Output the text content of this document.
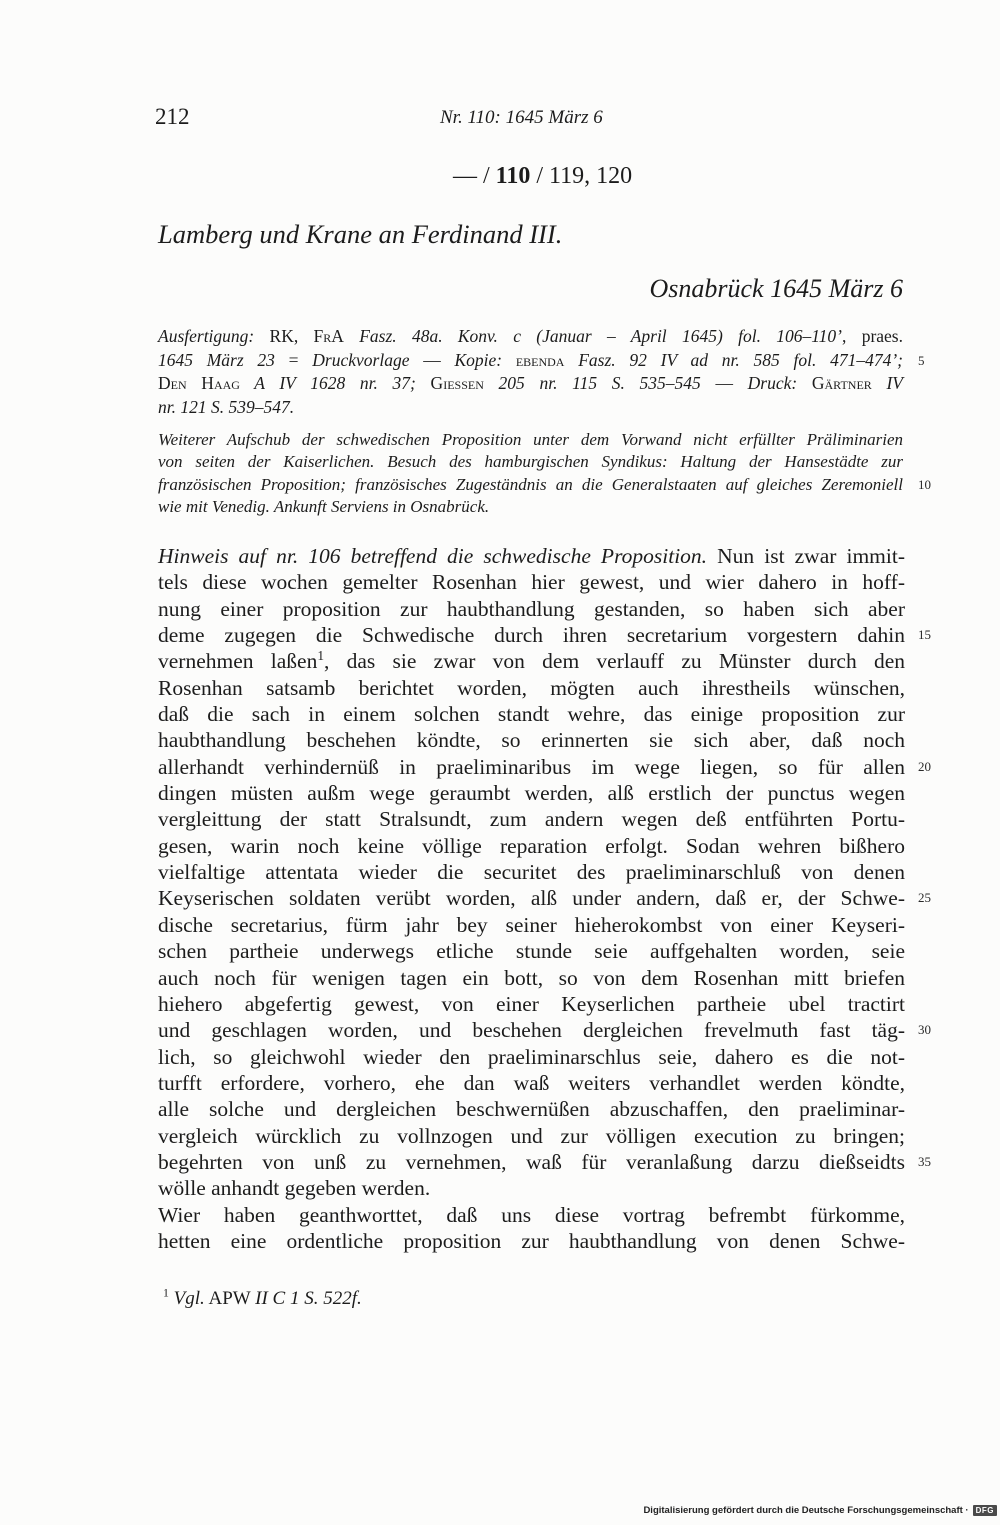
212	Nr. 110: 1645 März 6
— / 110 / 119, 120
Lamberg und Krane an Ferdinand III.
Osnabrück 1645 März 6
Ausfertigung: RK, FrA Fasz. 48a. Konv. c (Januar – April 1645) fol. 106–110’, praes.
1645 März 23 = Druckvorlage — Kopie: ebenda Fasz. 92 IV ad nr. 585 fol. 471–474’;
Den Haag A IV 1628 nr. 37; Giessen 205 nr. 115 S. 535–545 — Druck: Gärtner IV
nr. 121 S. 539–547.
5
Weiterer Aufschub der schwedischen Proposition unter dem Vorwand nicht erfüllter Präliminarien
von seiten der Kaiserlichen. Besuch des hamburgischen Syndikus: Haltung der Hansestädte zur
französischen Proposition; französisches Zugeständnis an die Generalstaaten auf gleiches Zeremoniell
wie mit Venedig. Ankunft Serviens in Osnabrück.
10
Hinweis auf nr. 106 betreffend die schwedische Proposition. Nun ist zwar immit-
tels diese wochen gemelter Rosenhan hier gewest, und wier dahero in hoff-
nung einer proposition zur haubthandlung gestanden, so haben sich aber
deme zugegen die Schwedische durch ihren secretarium vorgestern dahin
vernehmen laßen$^1$, das sie zwar von dem verlauff zu Münster durch den
Rosenhan satsamb berichtet worden, mögten auch ihrestheils wünschen,
daß die sach in einem solchen standt wehre, das einige proposition zur
haubthandlung beschehen köndte, so erinnerten sie sich aber, daß noch
allerhandt verhindernüß in praeliminaribus im wege liegen, so für allen
dingen müsten außm wege geraumbt werden, alß erstlich der punctus wegen
vergleittung der statt Stralsundt, zum andern wegen deß entführten Portu-
gesen, warin noch keine völlige reparation erfolgt. Sodan wehren bißhero
vielfaltige attentata wieder die securitet des praeliminarschluß von denen
Keyserischen soldaten verübt worden, alß under andern, daß er, der Schwe-
dische secretarius, fürm jahr bey seiner hieherokombst von einer Keyseri-
schen partheie underwegs etliche stunde seie auffgehalten worden, seie
auch noch für wenigen tagen ein bott, so von dem Rosenhan mitt briefen
hiehero abgefertig gewest, von einer Keyserlichen partheie ubel tractirt
und geschlagen worden, und beschehen dergleichen frevelmuth fast täg-
lich, so gleichwohl wieder den praeliminarschlus seie, dahero es die not-
turfft erfordere, vorhero, ehe dan waß weiters verhandlet werden köndte,
alle solche und dergleichen beschwernüßen abzuschaffen, den praeliminar-
vergleich würcklich zu vollnzogen und zur völligen execution zu bringen;
begehrten von unß zu vernehmen, waß für veranlaßung darzu dießseidts
wölle anhandt gegeben werden.
Wier haben geanthworttet, daß uns diese vortrag befrembt fürkomme,
hetten eine ordentliche proposition zur haubthandlung von denen Schwe-
15
20
25
30
35
$^1$ Vgl. APW II C 1 S. 522f.
Digitalisierung gefördert durch die Deutsche Forschungsgemeinschaft · DFG
